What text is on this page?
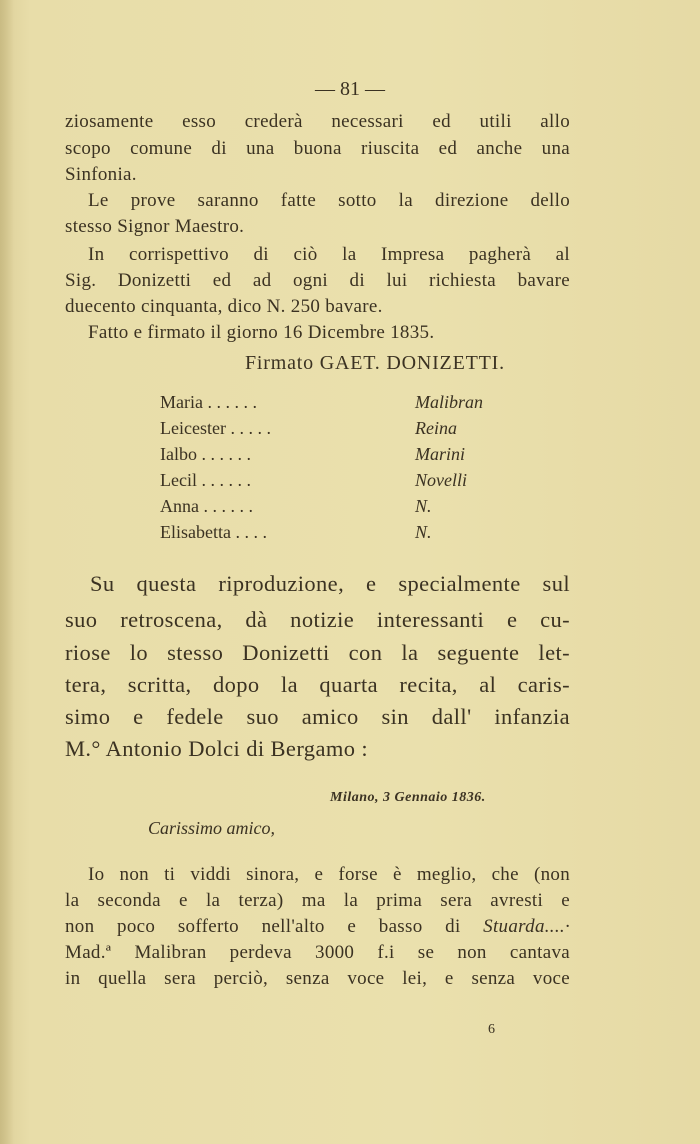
— 81 —
ziosamente esso crederà necessari ed utili allo
scopo comune di una buona riuscita ed anche una
Sinfonia.
Le prove saranno fatte sotto la direzione dello
stesso Signor Maestro.
In corrispettivo di ciò la Impresa pagherà al
Sig. Donizetti ed ad ogni di lui richiesta bavare
duecento cinquanta, dico N. 250 bavare.
Fatto e firmato il giorno 16 Dicembre 1835.
Firmato GAET. DONIZETTI.
Maria . . . . . .	Malibran
Leicester . . . . .	Reina
Ialbo . . . . . .	Marini
Lecil . . . . . .	Novelli
Anna . . . . . .	N.
Elisabetta . . . .	N.
Su questa riproduzione, e specialmente sul
suo retroscena, dà notizie interessanti e cu-
riose lo stesso Donizetti con la seguente let-
tera, scritta, dopo la quarta recita, al caris-
simo e fedele suo amico sin dall' infanzia
M.° Antonio Dolci di Bergamo :
Milano, 3 Gennaio 1836.
Carissimo amico,
Io non ti viddi sinora, e forse è meglio, che (non
la seconda e la terza) ma la prima sera avresti e
non poco sofferto nell'alto e basso di Stuarda....·
Mad.ª Malibran perdeva 3000 f.i se non cantava
in quella sera perciò, senza voce lei, e senza voce
6
